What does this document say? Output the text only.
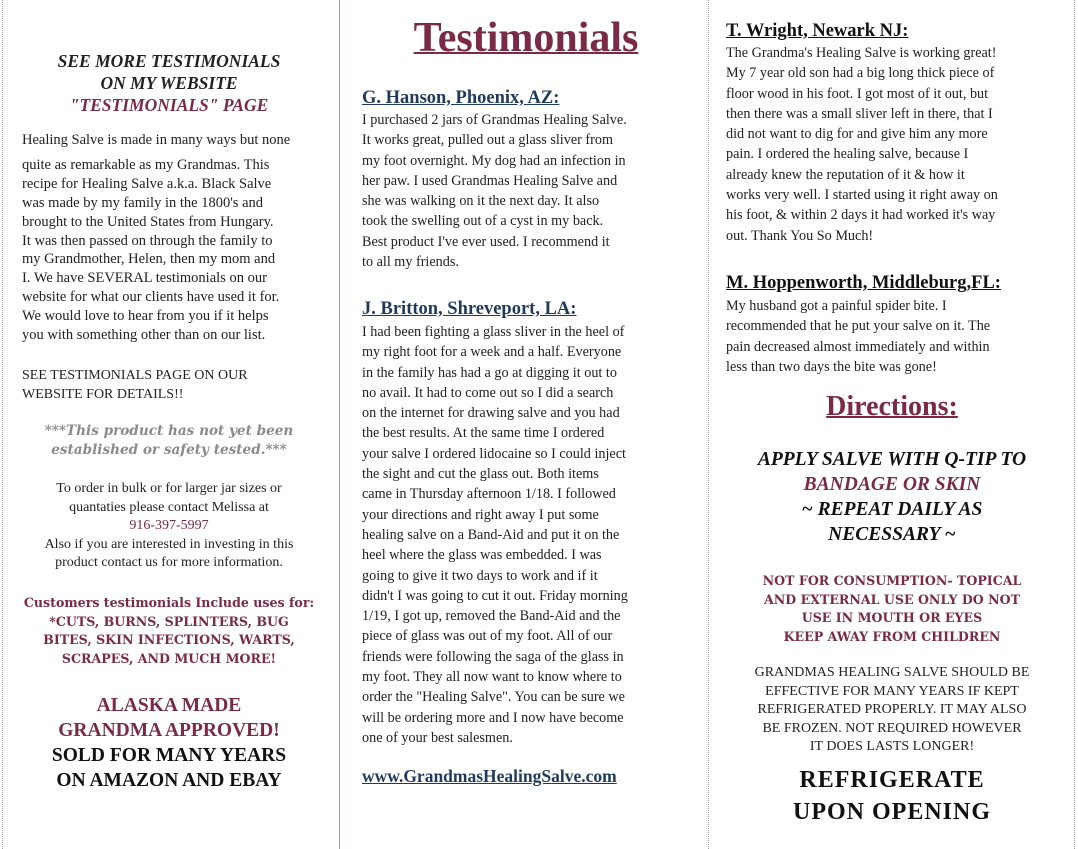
SEE MORE TESTIMONIALS
ON MY WEBSITE
"TESTIMONIALS" PAGE
Healing Salve is made in many ways but none
quite as remarkable as my Grandmas. This
recipe for Healing Salve a.k.a. Black Salve
was made by my family in the 1800's and
brought to the United States from Hungary.
It was then passed on through the family to
my Grandmother, Helen, then my mom and
I. We have SEVERAL testimonials on our
website for what our clients have used it for.
We would love to hear from you if it helps
you with something other than on our list.
SEE TESTIMONIALS PAGE ON OUR
WEBSITE FOR DETAILS!!
***This product has not yet been
established or safety tested.***
To order in bulk or for larger jar sizes or
quantaties please contact Melissa at
916-397-5997
Also if you are interested in investing in this
product contact us for more information.
Customers testimonials Include uses for:
*CUTS, BURNS, SPLINTERS, BUG
BITES, SKIN INFECTIONS, WARTS,
SCRAPES, AND MUCH MORE!
ALASKA MADE
GRANDMA APPROVED!
SOLD FOR MANY YEARS
ON AMAZON AND EBAY
Testimonials
G. Hanson, Phoenix, AZ:
I purchased 2 jars of Grandmas Healing Salve.
It works great, pulled out a glass sliver from
my foot overnight. My dog had an infection in
her paw. I used Grandmas Healing Salve and
she was walking on it the next day. It also
took the swelling out of a cyst in my back.
Best product I've ever used. I recommend it
to all my friends.
J. Britton, Shreveport, LA:
I had been fighting a glass sliver in the heel of
my right foot for a week and a half. Everyone
in the family has had a go at digging it out to
no avail. It had to come out so I did a search
on the internet for drawing salve and you had
the best results. At the same time I ordered
your salve I ordered lidocaine so I could inject
the sight and cut the glass out. Both items
came in Thursday afternoon 1/18. I followed
your directions and right away I put some
healing salve on a Band-Aid and put it on the
heel where the glass was embedded. I was
going to give it two days to work and if it
didn't I was going to cut it out. Friday morning
1/19, I got up, removed the Band-Aid and the
piece of glass was out of my foot. All of our
friends were following the saga of the glass in
my foot. They all now want to know where to
order the "Healing Salve". You can be sure we
will be ordering more and I now have become
one of your best salesmen.
www.GrandmasHealingSalve.com
T. Wright, Newark NJ:
The Grandma's Healing Salve is working great!
My 7 year old son had a big long thick piece of
floor wood in his foot. I got most of it out, but
then there was a small sliver left in there, that I
did not want to dig for and give him any more
pain. I ordered the healing salve, because I
already knew the reputation of it & how it
works very well. I started using it right away on
his foot, & within 2 days it had worked it's way
out. Thank You So Much!
M. Hoppenworth, Middleburg,FL:
My husband got a painful spider bite. I
recommended that he put your salve on it. The
pain decreased almost immediately and within
less than two days the bite was gone!
Directions:
APPLY SALVE WITH Q-TIP TO
BANDAGE OR SKIN
~ REPEAT DAILY AS
NECESSARY ~
NOT FOR CONSUMPTION- TOPICAL
AND EXTERNAL USE ONLY DO NOT
USE IN MOUTH OR EYES
KEEP AWAY FROM CHILDREN
GRANDMAS HEALING SALVE SHOULD BE
EFFECTIVE FOR MANY YEARS IF KEPT
REFRIGERATED PROPERLY. IT MAY ALSO
BE FROZEN. NOT REQUIRED HOWEVER
IT DOES LASTS LONGER!
REFRIGERATE
UPON OPENING
